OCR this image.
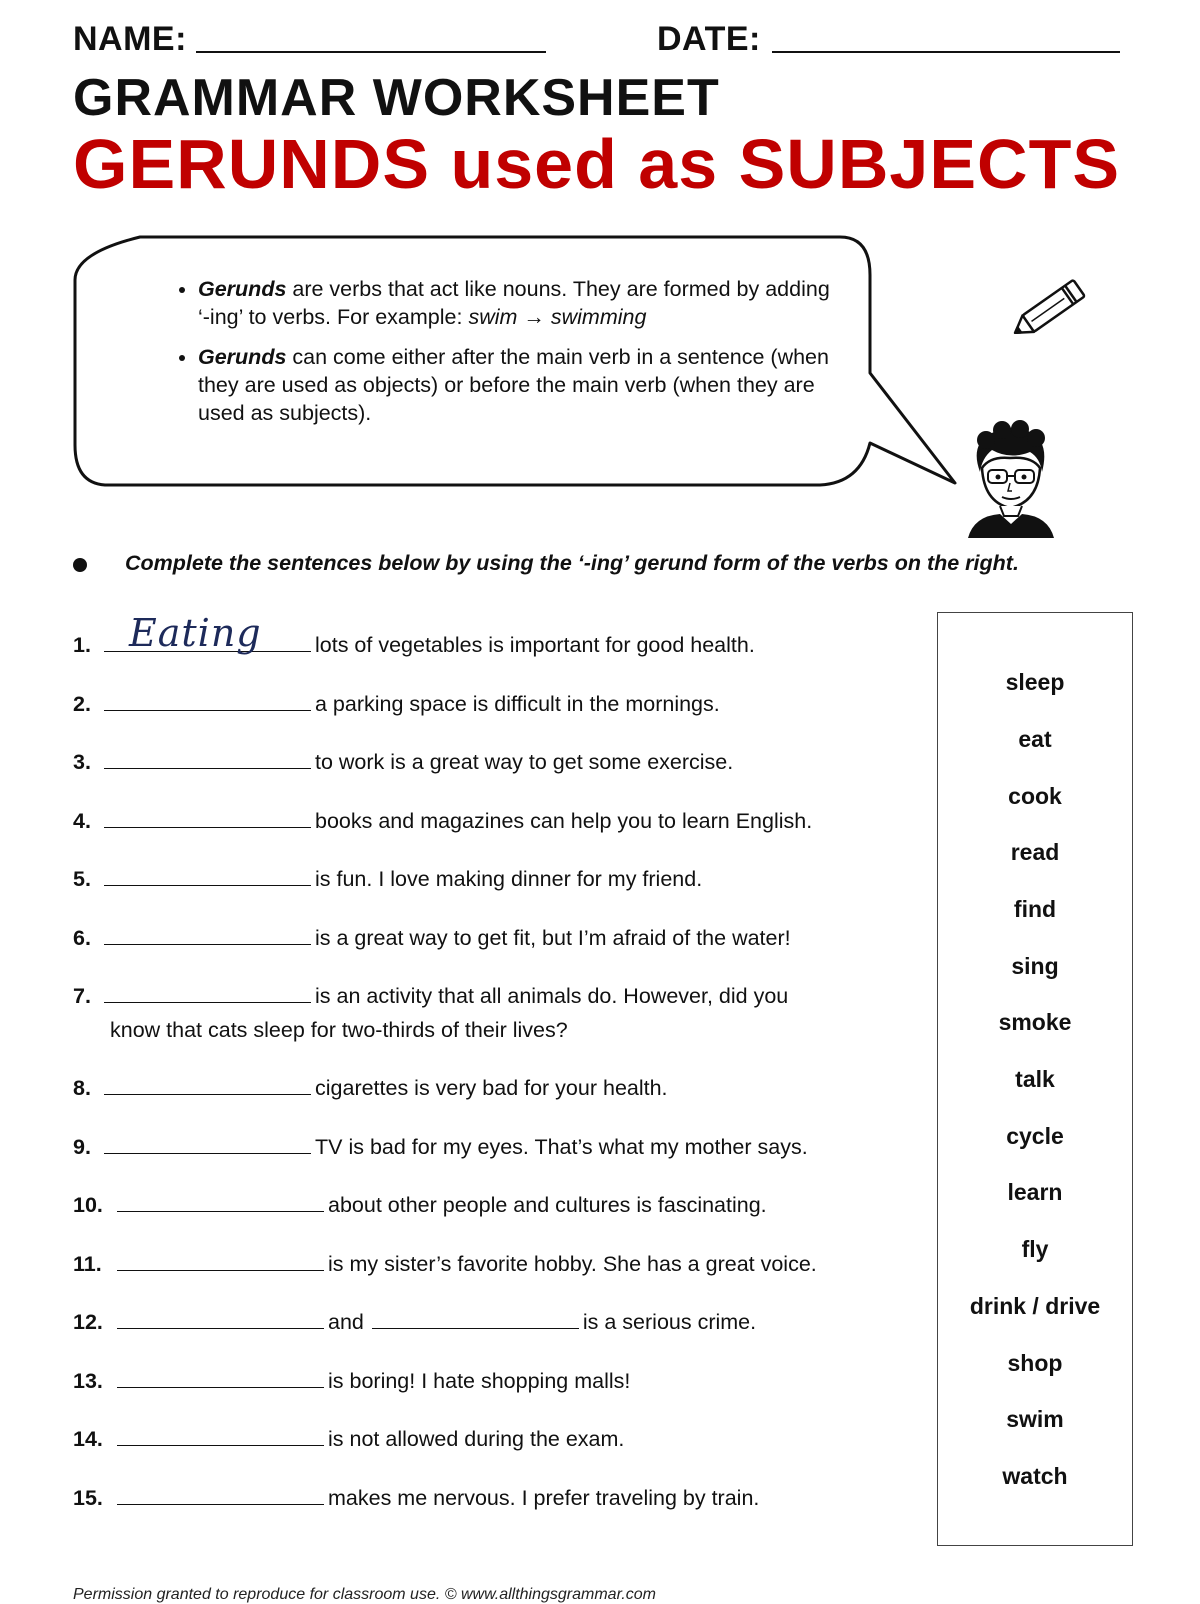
NAME:	DATE:
GRAMMAR WORKSHEET
GERUNDS used as SUBJECTS
• Gerunds are verbs that act like nouns. They are formed by adding ‘-ing’ to verbs. For example: swim → swimming
• Gerunds can come either after the main verb in a sentence (when they are used as objects) or before the main verb (when they are used as subjects).
Complete the sentences below by using the ‘-ing’ gerund form of the verbs on the right.
1. Eating lots of vegetables is important for good health.
2.	a parking space is difficult in the mornings.
3.	to work is a great way to get some exercise.
4.	books and magazines can help you to learn English.
5.	is fun. I love making dinner for my friend.
6.	is a great way to get fit, but I’m afraid of the water!
7.	is an activity that all animals do. However, did you
know that cats sleep for two-thirds of their lives?
8.	cigarettes is very bad for your health.
9.	TV is bad for my eyes. That’s what my mother says.
10.	about other people and cultures is fascinating.
11.	is my sister’s favorite hobby. She has a great voice.
12.	and	is a serious crime.
13.	is boring! I hate shopping malls!
14.	is not allowed during the exam.
15.	makes me nervous. I prefer traveling by train.
sleep
eat
cook
read
find
sing
smoke
talk
cycle
learn
fly
drink / drive
shop
swim
watch
Permission granted to reproduce for classroom use. © www.allthingsgrammar.com
